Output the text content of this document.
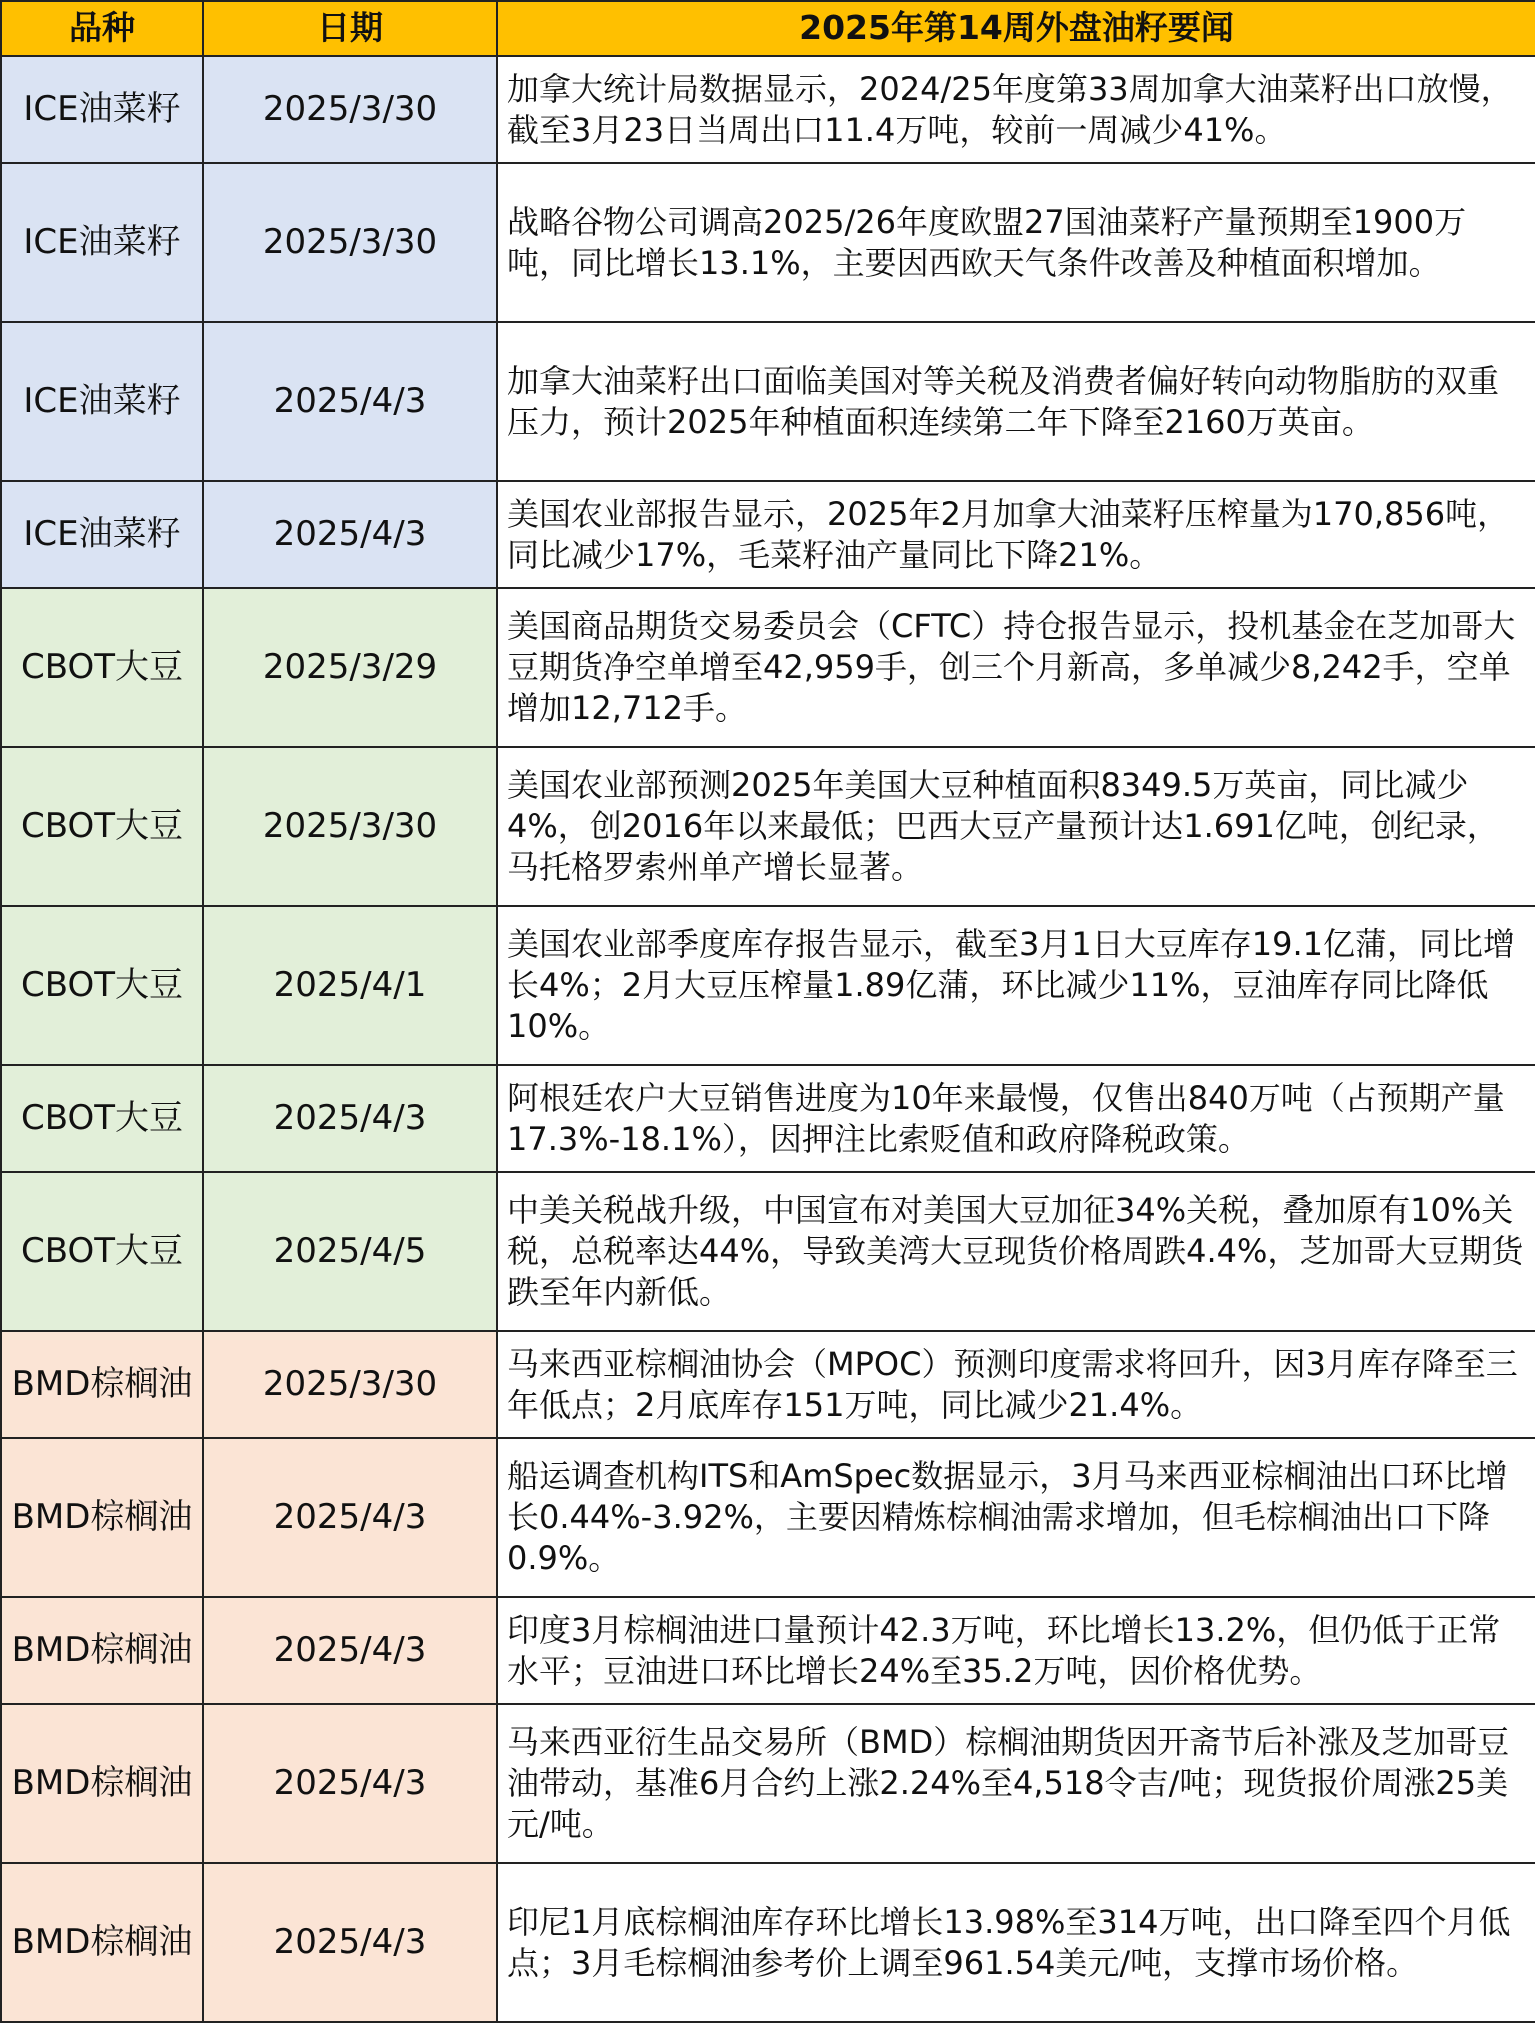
品种	日期	2025年第14周外盘油籽要闻
ICE油菜籽	2025/3/30	加拿大统计局数据显示，2024/25年度第33周加拿大油菜籽出口放慢，截至3月23日当周出口11.4万吨，较前一周减少41%。
ICE油菜籽	2025/3/30	战略谷物公司调高2025/26年度欧盟27国油菜籽产量预期至1900万吨，同比增长13.1%，主要因西欧天气条件改善及种植面积增加。
ICE油菜籽	2025/4/3	加拿大油菜籽出口面临美国对等关税及消费者偏好转向动物脂肪的双重压力，预计2025年种植面积连续第二年下降至2160万英亩。
ICE油菜籽	2025/4/3	美国农业部报告显示，2025年2月加拿大油菜籽压榨量为170,856吨，同比减少17%，毛菜籽油产量同比下降21%。
CBOT大豆	2025/3/29	美国商品期货交易委员会（CFTC）持仓报告显示，投机基金在芝加哥大豆期货净空单增至42,959手，创三个月新高，多单减少8,242手，空单增加12,712手。
CBOT大豆	2025/3/30	美国农业部预测2025年美国大豆种植面积8349.5万英亩，同比减少4%，创2016年以来最低；巴西大豆产量预计达1.691亿吨，创纪录，马托格罗索州单产增长显著。
CBOT大豆	2025/4/1	美国农业部季度库存报告显示，截至3月1日大豆库存19.1亿蒲，同比增长4%；2月大豆压榨量1.89亿蒲，环比减少11%，豆油库存同比降低10%。
CBOT大豆	2025/4/3	阿根廷农户大豆销售进度为10年来最慢，仅售出840万吨（占预期产量17.3%-18.1%），因押注比索贬值和政府降税政策。
CBOT大豆	2025/4/5	中美关税战升级，中国宣布对美国大豆加征34%关税，叠加原有10%关税，总税率达44%，导致美湾大豆现货价格周跌4.4%，芝加哥大豆期货跌至年内新低。
BMD棕榈油	2025/3/30	马来西亚棕榈油协会（MPOC）预测印度需求将回升，因3月库存降至三年低点；2月底库存151万吨，同比减少21.4%。
BMD棕榈油	2025/4/3	船运调查机构ITS和AmSpec数据显示，3月马来西亚棕榈油出口环比增长0.44%-3.92%，主要因精炼棕榈油需求增加，但毛棕榈油出口下降0.9%。
BMD棕榈油	2025/4/3	印度3月棕榈油进口量预计42.3万吨，环比增长13.2%，但仍低于正常水平；豆油进口环比增长24%至35.2万吨，因价格优势。
BMD棕榈油	2025/4/3	马来西亚衍生品交易所（BMD）棕榈油期货因开斋节后补涨及芝加哥豆油带动，基准6月合约上涨2.24%至4,518令吉/吨；现货报价周涨25美元/吨。
BMD棕榈油	2025/4/3	印尼1月底棕榈油库存环比增长13.98%至314万吨，出口降至四个月低点；3月毛棕榈油参考价上调至961.54美元/吨，支撑市场价格。
